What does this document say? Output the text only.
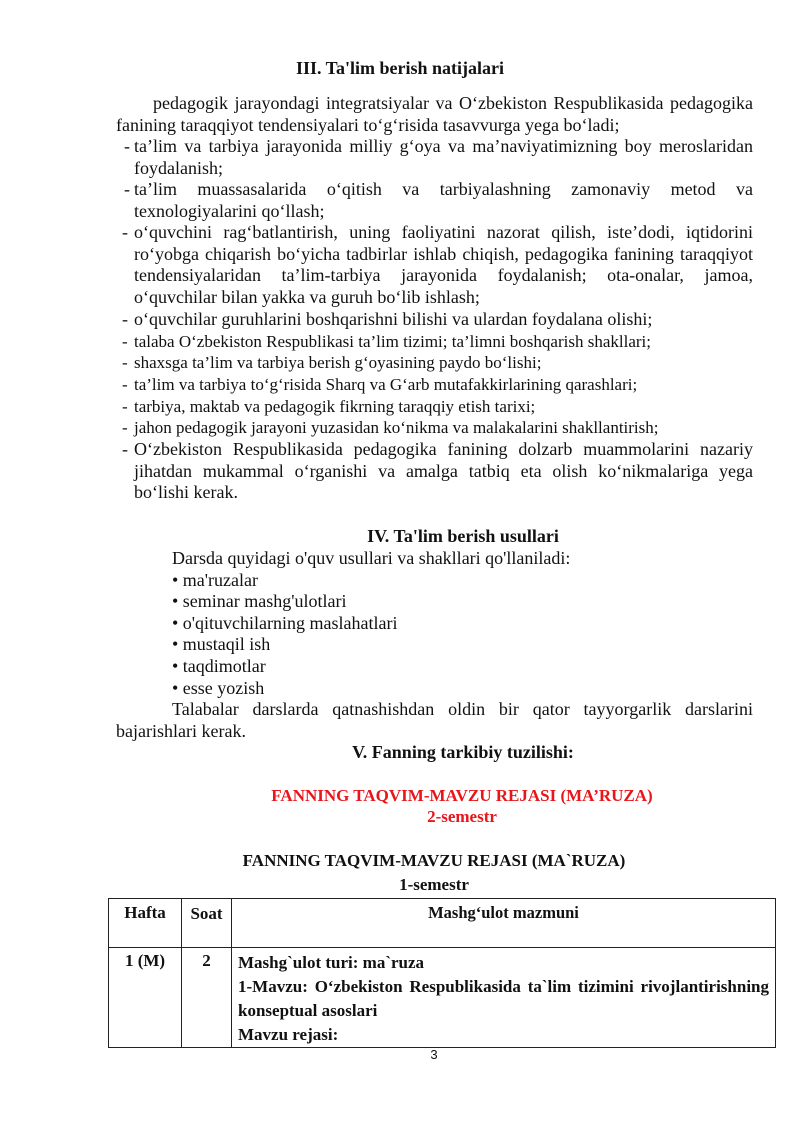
III. Ta'lim berish natijalari
pedagogik jarayondagi integratsiyalar va O‘zbekiston Respublikasida pedagogika fanining taraqqiyot tendensiyalari to‘g‘risida tasavvurga yega bo‘ladi;
- ta’lim va tarbiya jarayonida milliy g‘oya va ma’naviyatimizning boy meroslaridan foydalanish;
- ta’lim muassasalarida o‘qitish va tarbiyalashning zamonaviy metod va texnologiyalarini qo‘llash;
- o‘quvchini rag‘batlantirish, uning faoliyatini nazorat qilish, iste’dodi, iqtidorini ro‘yobga chiqarish bo‘yicha tadbirlar ishlab chiqish, pedagogika fanining taraqqiyot tendensiyalaridan ta’lim-tarbiya jarayonida foydalanish; ota-onalar, jamoa, o‘quvchilar bilan yakka va guruh bo‘lib ishlash;
- o‘quvchilar guruhlarini boshqarishni bilishi va ulardan foydalana olishi;
- talaba O‘zbekiston Respublikasi ta’lim tizimi; ta’limni boshqarish shakllari;
- shaxsga ta’lim va tarbiya berish g‘oyasining paydo bo‘lishi;
- ta’lim va tarbiya to‘g‘risida Sharq va G‘arb mutafakkirlarining qarashlari;
- tarbiya, maktab va pedagogik fikrning taraqqiy etish tarixi;
- jahon pedagogik jarayoni yuzasidan ko‘nikma va malakalarini shakllantirish;
- O‘zbekiston Respublikasida pedagogika fanining dolzarb muammolarini nazariy jihatdan mukammal o‘rganishi va amalga tatbiq eta olish ko‘nikmalariga yega bo‘lishi kerak.
IV. Ta'lim berish usullari
Darsda quyidagi o'quv usullari va shakllari qo'llaniladi:
• ma'ruzalar
• seminar mashg'ulotlari
• o'qituvchilarning maslahatlari
• mustaqil ish
• taqdimotlar
• esse yozish
Talabalar darslarda qatnashishdan oldin bir qator tayyorgarlik darslarini bajarishlari kerak.
V. Fanning tarkibiy tuzilishi:
FANNING TAQVIM-MAVZU REJASI (MA’RUZA)
2-semestr
FANNING TAQVIM-MAVZU REJASI (MA`RUZA)
1-semestr
Hafta	Soat	Mashg‘ulot mazmuni
1 (M)	2	Mashg`ulot turi: ma`ruza
1-Mavzu: O‘zbekiston Respublikasida ta`lim tizimini rivojlantirishning konseptual asoslari
Mavzu rejasi:
3
